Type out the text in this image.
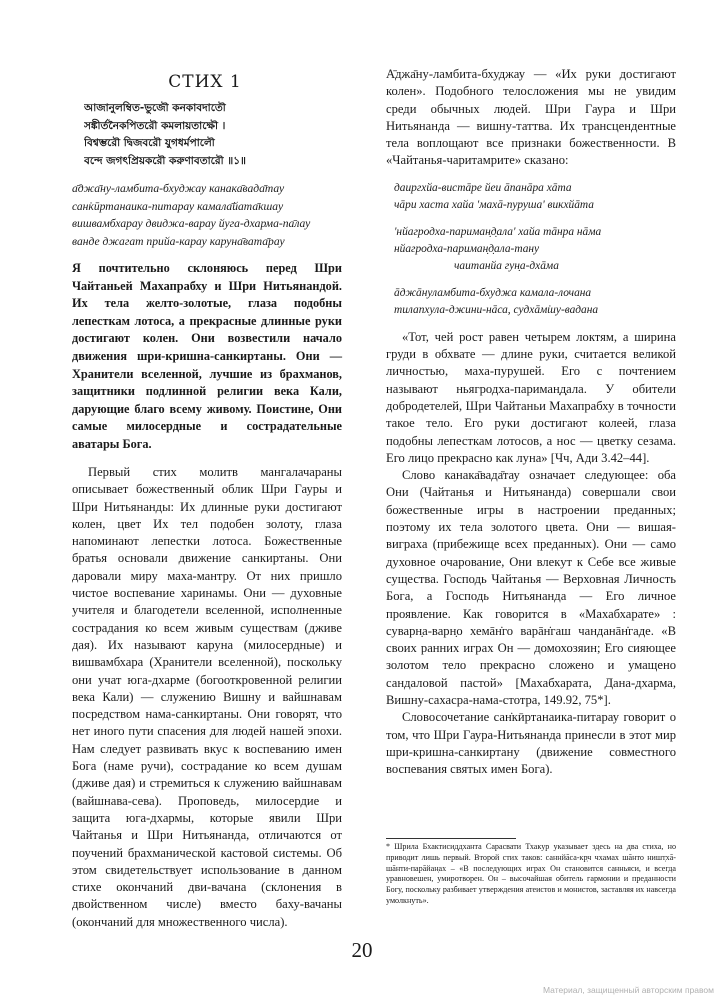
СТИХ 1
আজানুলম্বিত-ভুজৌ কনকাবদাতৌ
সঙ্কীর্তনৈকপিতরৌ কমলায়তাক্ষৌ ।
বিশ্বম্ভরৌ দ্বিজবরৌ যুগধর্মপালৌ
বন্দে জগৎপ্রিয়করৌ করুণাবতারৌ ॥১॥
а̄джа̄ну-ламбита-бхуджау канака̄вада̄тау
сан̇кӣртанаика-питарау камала̄йата̄кшау
вишвамбхарау двиджа-варау йуга-дхарма-па̄лау
ванде джагат прийа-карау каруна̄вата̄рау
Я почтительно склоняюсь перед Шри Чайтаньей Махапрабху и Шри Нитьянандой. Их тела желто-золотые, глаза подобны лепесткам лотоса, а прекрасные длинные руки достигают колен. Они возвестили начало движения шри-кришна-санкиртаны. Они — Хранители вселенной, лучшие из брахманов, защитники подлинной религии века Кали, дарующие благо всему живому. Поистине, Они самые милосердные и сострадательные аватары Бога.

Первый стих молитв мангалачараны описывает божественный облик Шри Гауры и Шри Нитьянанды: Их длинные руки достигают колен, цвет Их тел подобен золоту, глаза напоминают лепестки лотоса. Божественные братья основали движение санкиртаны. Они даровали миру маха-мантру. От них пришло чистое воспевание харинамы. Они — духовные учителя и благодетели вселенной, исполненные сострадания ко всем живым существам (дживе дая). Их называют каруна (милосердные) и вишвамбхара (Хранители вселенной), поскольку они учат юга-дхарме (богооткровенной религии века Кали) — служению Вишну и вайшнавам посредством нама-санкиртаны. Они говорят, что нет иного пути спасения для людей нашей эпохи. Нам следует развивать вкус к воспеванию имен Бога (наме ручи), сострадание ко всем душам (дживе дая) и стремиться к служению вайшнавам (вайшнава-сева). Проповедь, милосердие и защита юга-дхармы, которые явили Шри Чайтанья и Шри Нитьянанда, отличаются от поучений брахманической кастовой системы. Об этом свидетельствует использование в данном стихе окончаний дви-вачана (склонения в двойственном числе) вместо баху-вачаны (окончаний для множественного числа).

А̄джа̄ну-ламбита-бхуджау — «Их руки достигают колен». Подобного телосложения мы не увидим среди обычных людей. Шри Гаура и Шри Нитьянанда — вишну-таттва. Их трансцендентные тела воплощают все признаки божественности. В «Чайтанья-чаритамрите» сказано:

даиргхйа-вистāре йеи āпанāра хāта
чāри хаста хайа 'махā-пуруша' викхйāта
'нйагродха-париман̣д̣ала' хайа тāнра нāма
нйагродха-париман̣д̣ала-тану
чаитанйа гун̣а-дхāма
āджāнуламбита-бхуджа камала-лочана
тилапхула-джини-нāса, судхāм̇шу-вадана

«Тот, чей рост равен четырем локтям, а ширина груди в обхвате — длине руки, считается великой личностью, маха-пурушей. Его с почтением называют ньягродха-париман̣д̣ала. У обители добродетелей, Шри Чайтаньи Махапрабху в точности такое тело. Его руки достигают колеей, глаза подобны лепесткам лотосов, а нос — цветку сезама. Его лицо прекрасно как луна» [Чч, Ади 3.42–44].

Слово канака̄вада̄тау означает следующее: оба Они (Чайтанья и Нитьянанда) совершали свои божественные игры в настроении преданных; поэтому их тела золотого цвета. Они — вишая-виграха (прибежище всех преданных). Они — само духовное очарование, Они влекут к Себе все живые существа. Господь Чайтанья — Верховная Личность Бога, а Господь Нитьянанда — Его личное проявление. Как говорится в «Махабхарате» : суварн̣а-варн̣о хемāн̇го варāн̇гаш чанданāн̇гаде. «В своих ранних играх Он — домохозяин; Его сияющее золотом тело прекрасно сложено и умащено сандаловой пастой» [Махабхарата, Дана-дхарма, Вишну-сахасра-нама-стотра, 149.92, 75*].

Словосочетание сан̇кӣртанаика-питарау говорит о том, что Шри Гаура-Нитьянанда принесли в этот мир шри-кришна-санкиртану (движение совместного воспевания святых имен Бога).

* Шрила Бхактисиддханта Сарасвати Тхакур указывает здесь на два стиха, но приводит лишь первый. Второй стих таков: саннйāса-кр̣ч чхамах шāнто ништ̣хā-шāнти-парāйан̣ах – «В последующих играх Он становится санньяси, и всегда уравновешен, умиротворен. Он – высочайшая обитель гармонии и преданности Богу, поскольку разбивает утверждения атеистов и монистов, заставляя их навсегда умолкнуть».
20
Материал, защищенный авторским правом
